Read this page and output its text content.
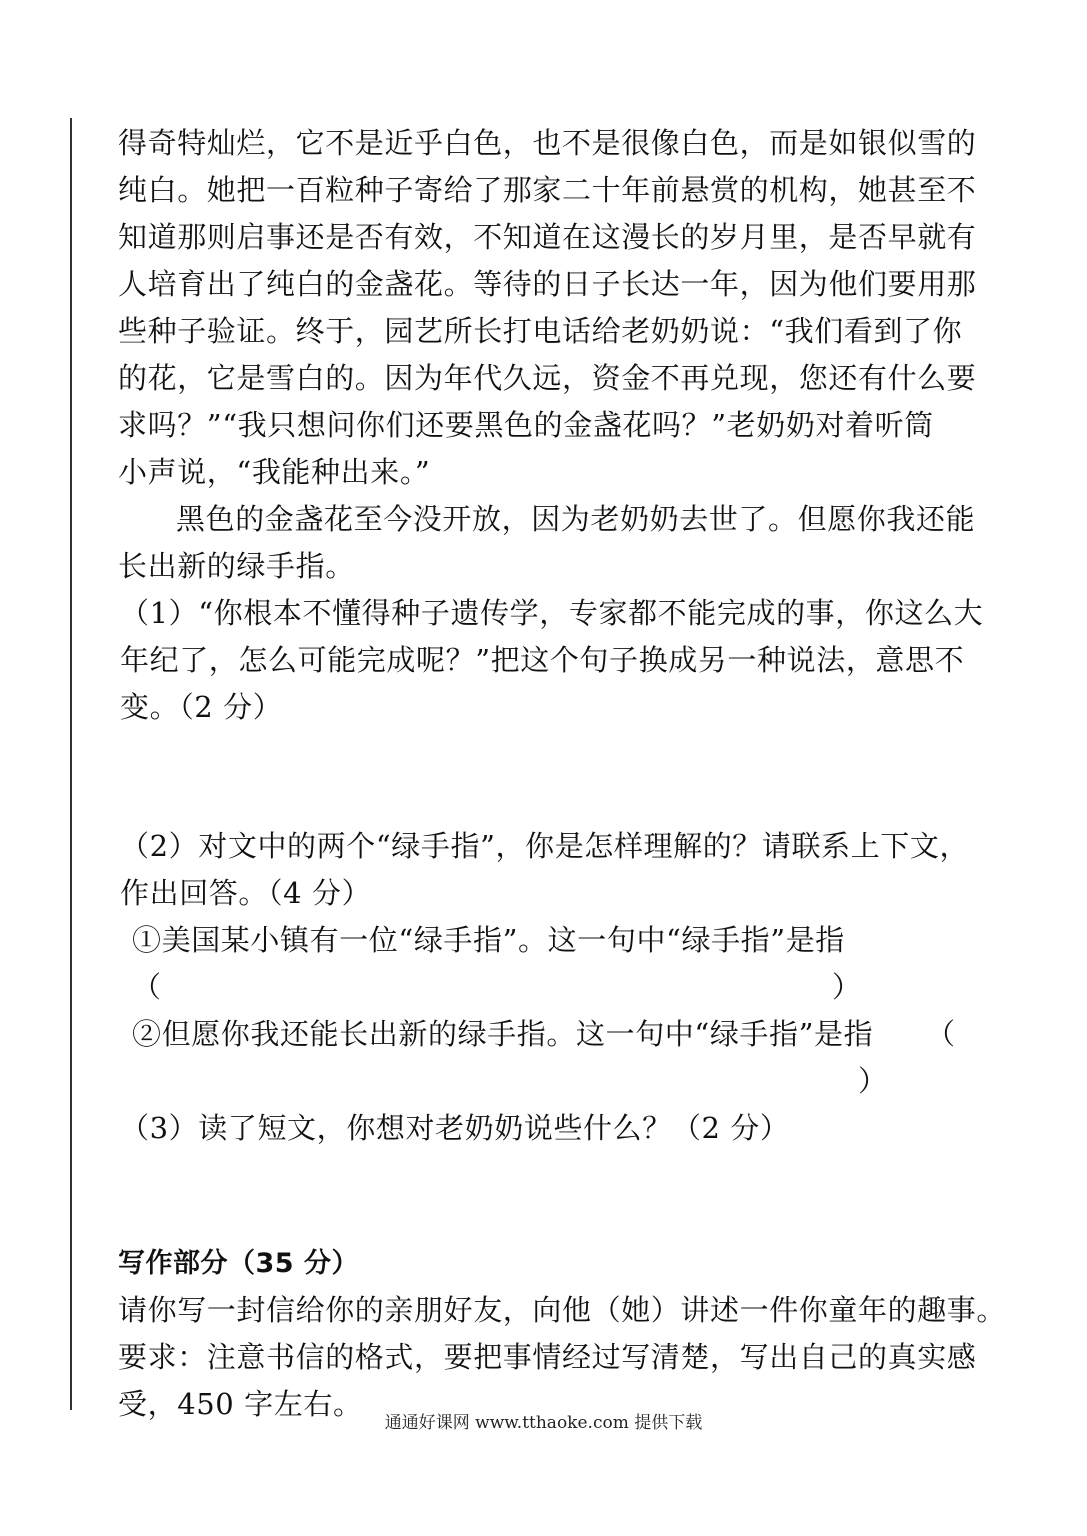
得奇特灿烂，它不是近乎白色，也不是很像白色，而是如银似雪的
纯白。她把一百粒种子寄给了那家二十年前悬赏的机构，她甚至不
知道那则启事还是否有效，不知道在这漫长的岁月里，是否早就有
人培育出了纯白的金盏花。等待的日子长达一年，因为他们要用那
些种子验证。终于，园艺所长打电话给老奶奶说：“我们看到了你
的花，它是雪白的。因为年代久远，资金不再兑现，您还有什么要
求吗？”“我只想问你们还要黑色的金盏花吗？”老奶奶对着听筒
小声说，“我能种出来。”
黑色的金盏花至今没开放，因为老奶奶去世了。但愿你我还能
长出新的绿手指。
（1）“你根本不懂得种子遗传学，专家都不能完成的事，你这么大
年纪了，怎么可能完成呢？”把这个句子换成另一种说法，意思不
变。（2 分）
（2）对文中的两个“绿手指”，你是怎样理解的？请联系上下文，
作出回答。（4 分）
①美国某小镇有一位“绿手指”。这一句中“绿手指”是指
（	）
②但愿你我还能长出新的绿手指。这一句中“绿手指”是指 （
）
（3）读了短文，你想对老奶奶说些什么？（2 分）
写作部分（35 分）
请你写一封信给你的亲朋好友，向他（她）讲述一件你童年的趣事。
要求：注意书信的格式，要把事情经过写清楚，写出自己的真实感
受，450 字左右。
通通好课网 www.tthaoke.com 提供下载
